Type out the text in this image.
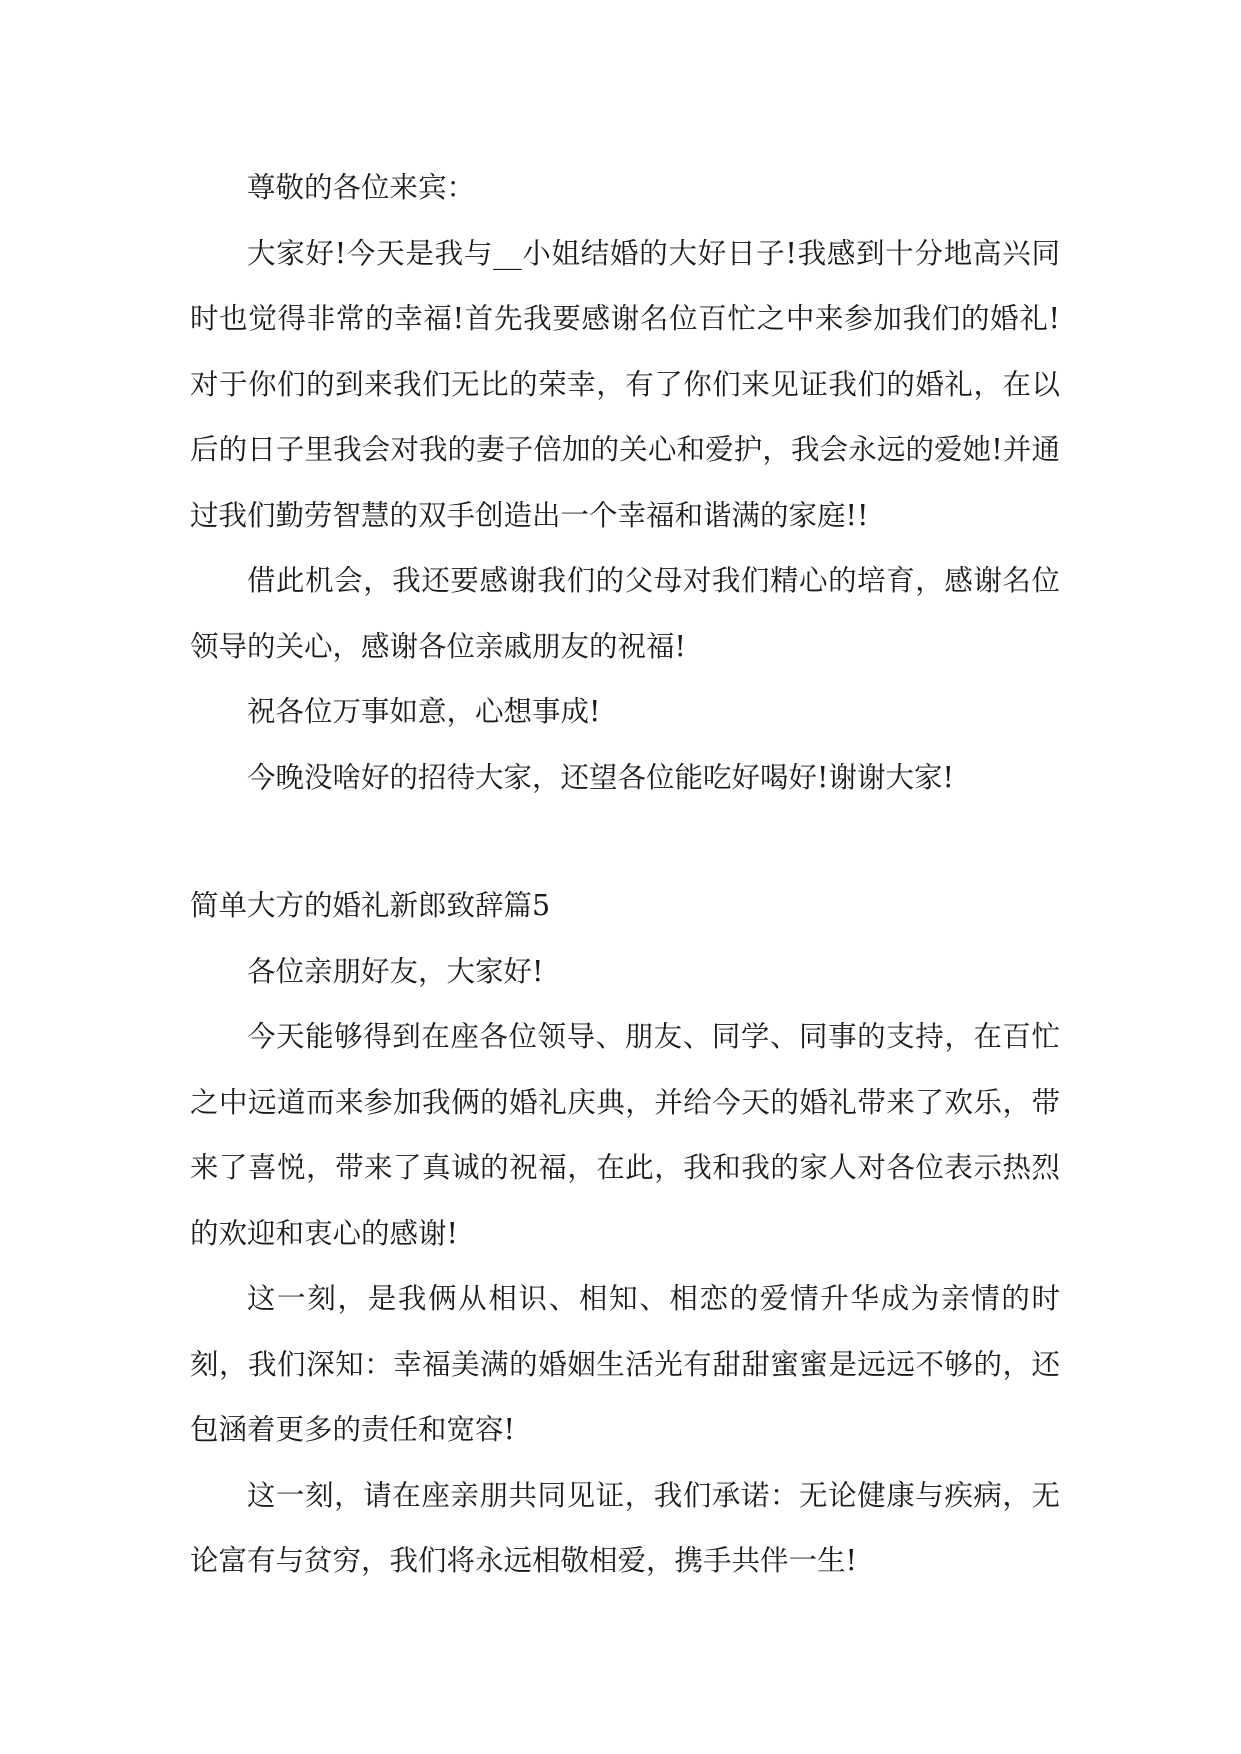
尊敬的各位来宾：

大家好!今天是我与__小姐结婚的大好日子!我感到十分地高兴同时也觉得非常的幸福!首先我要感谢名位百忙之中来参加我们的婚礼!对于你们的到来我们无比的荣幸，有了你们来见证我们的婚礼，在以后的日子里我会对我的妻子倍加的关心和爱护，我会永远的爱她!并通过我们勤劳智慧的双手创造出一个幸福和谐满的家庭!!

借此机会，我还要感谢我们的父母对我们精心的培育，感谢名位领导的关心，感谢各位亲戚朋友的祝福!

祝各位万事如意，心想事成!

今晚没啥好的招待大家，还望各位能吃好喝好!谢谢大家!

简单大方的婚礼新郎致辞篇5

各位亲朋好友，大家好!

今天能够得到在座各位领导、朋友、同学、同事的支持，在百忙之中远道而来参加我俩的婚礼庆典，并给今天的婚礼带来了欢乐，带来了喜悦，带来了真诚的祝福，在此，我和我的家人对各位表示热烈的欢迎和衷心的感谢!

这一刻，是我俩从相识、相知、相恋的爱情升华成为亲情的时刻，我们深知：幸福美满的婚姻生活光有甜甜蜜蜜是远远不够的，还包涵着更多的责任和宽容!

这一刻，请在座亲朋共同见证，我们承诺：无论健康与疾病，无论富有与贫穷，我们将永远相敬相爱，携手共伴一生!
